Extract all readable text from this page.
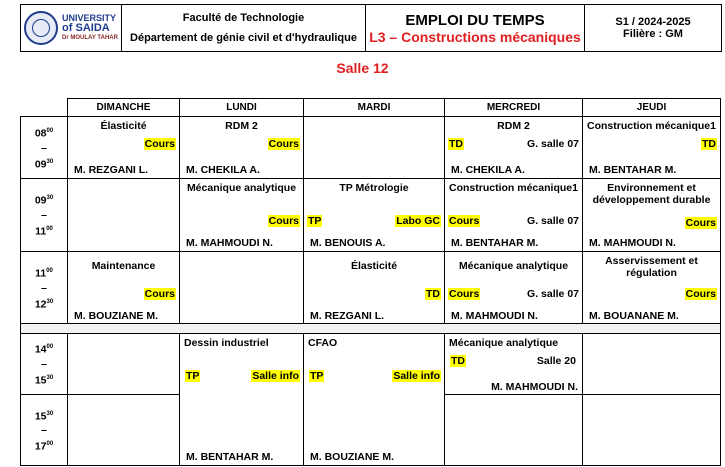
UNIVERSITY
of SAIDA
Dr MOULAY TAHAR

Faculté de Technologie
Département de génie civil et d'hydraulique

EMPLOI DU TEMPS
L3 – Constructions mécaniques

S1 / 2024-2025
Filière : GM
Salle 12
	DIMANCHE	LUNDI	MARDI	MERCREDI	JEUDI
$08^{00}$
–
$09^{30}$	Élasticité
Cours
M. REZGANI L.	RDM 2
Cours
M. CHEKILA A.		RDM 2
TD G. salle 07
M. CHEKILA A.	Construction mécanique1
TD
M. BENTAHAR M.

$09^{30}$
–
$11^{00}$		Mécanique analytique
Cours
M. MAHMOUDI N.	TP Métrologie
TP Labo GC
M. BENOUIS A.	Construction mécanique1
Cours G. salle 07
M. BENTAHAR M.	Environnement et développement durable
Cours
M. MAHMOUDI N.

$11^{00}$
–
$12^{30}$	Maintenance
Cours
M. BOUZIANE M.		Élasticité
TD
M. REZGANI L.	Mécanique analytique
Cours G. salle 07
M. MAHMOUDI N.	Asservissement et régulation
Cours
M. BOUANANE M.

$14^{00}$
–
$15^{30}$		Dessin industriel
TP Salle info
M. BENTAHAR M.	CFAO
TP Salle info
M. BOUZIANE M.	Mécanique analytique
TD Salle 20
M. MAHMOUDI N.	

$15^{30}$
–
$17^{00}$			
